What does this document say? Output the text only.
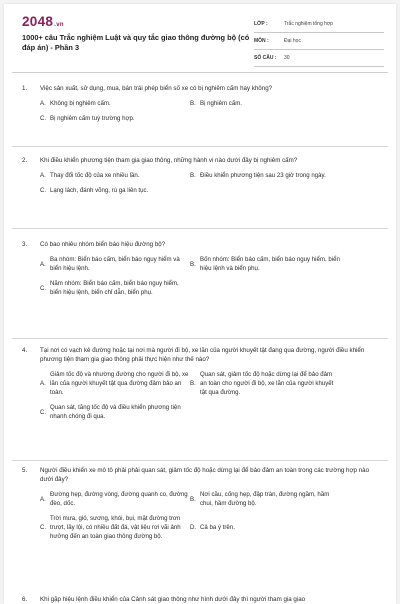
2048.vn
1000+ câu Trắc nghiệm Luật và quy tắc giao thông đường bộ (có đáp án) - Phần 3
LỚP :	Trắc nghiệm tổng hợp
MÔN :	Đại học
SỐ CÂU :	30
1.	Việc sản xuất, sử dụng, mua, bán trái phép biển số xe có bị nghiêm cấm hay không?
A. Không bị nghiêm cấm.	B. Bị nghiêm cấm.
C. Bị nghiêm cấm tuỳ trường hợp.
2.	Khi điều khiển phương tiện tham gia giao thông, những hành vi nào dưới đây bị nghiêm cấm?
A. Thay đổi tốc độ của xe nhiều lần.	B. Điều khiển phương tiện sau 23 giờ trong ngày.
C. Lạng lách, đánh võng, rú ga liên tục.
3.	Có bao nhiêu nhóm biển báo hiệu đường bộ?
A.
Ba nhóm: Biển báo cấm, biển báo nguy hiểm và biển hiệu lệnh.
B.
Bốn nhóm: Biển báo cấm, biển báo nguy hiểm, biển hiệu lệnh và biển phụ.
C.
Năm nhóm: Biển báo cấm, biển báo nguy hiểm, biển hiệu lệnh, biển chỉ dẫn, biển phụ.
4.	Tại nơi có vạch kẻ đường hoặc tại nơi mà người đi bộ, xe lăn của người khuyết tật đang qua đường, người điều khiển phương tiện tham gia giao thông phải thực hiện như thế nào?
A.
Giảm tốc độ và nhường đường cho người đi bộ, xe lăn của người khuyết tật qua đường đảm bảo an toàn.
B.
Quan sát, giảm tốc độ hoặc dừng lại để bảo đảm an toàn cho người đi bộ, xe lăn của người khuyết tật qua đường.
C.
Quan sát, tăng tốc độ và điều khiển phương tiện nhanh chóng đi qua.
5.	Người điều khiển xe mô tô phải phải quan sát, giảm tốc độ hoặc dừng lại để bảo đảm an toàn trong các trường hợp nào dưới đây?
A.
Đường hẹp, đường vòng, đường quanh co, đường đèo, dốc.
B.
Nơi cầu, cống hẹp, đập tràn, đường ngầm, hầm chui, hầm đường bộ.
C.
Trời mưa, gió, sương, khói, bụi, mặt đường trơn trượt, lầy lội, có nhiều đất đá, vật liệu rơi vãi ảnh hưởng đến an toàn giao thông đường bộ.
D. Cả ba ý trên.
6.	Khi gặp hiệu lệnh điều khiển của Cảnh sát giao thông như hình dưới đây thì người tham gia giao
